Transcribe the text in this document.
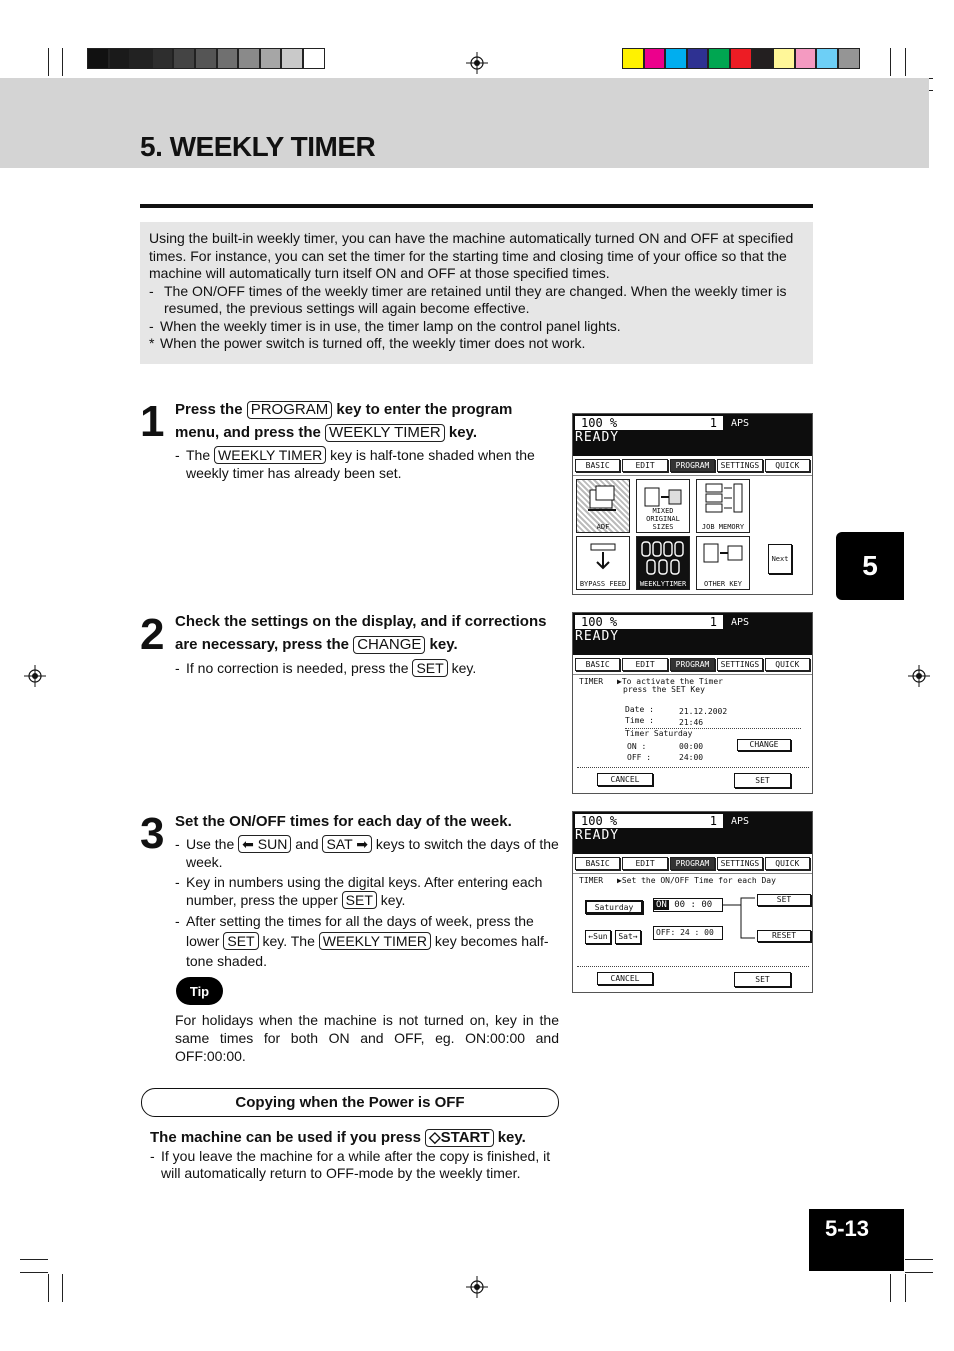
5. WEEKLY TIMER

Using the built-in weekly timer, you can have the machine automatically turned ON and OFF at specified times. For instance, you can set the timer for the starting time and closing time of your office so that the machine will automatically turn itself ON and OFF at those specified times.

- The ON/OFF times of the weekly timer are retained until they are changed. When the weekly timer is resumed, the previous settings will again become effective.
- When the weekly timer is in use, the timer lamp on the control panel lights.
* When the power switch is turned off, the weekly timer does not work.
1 Press the PROGRAM key to enter the program
menu, and press the WEEKLY TIMER key.
- The WEEKLY TIMER key is half-tone shaded when the weekly timer has already been set.
2 Check the settings on the display, and if corrections
are necessary, press the CHANGE key.
- If no correction is needed, press the SET key.
3 Set the ON/OFF times for each day of the week.
- Use the ⬅ SUN and SAT ➡ keys to switch the days of the week.
- Key in numbers using the digital keys. After entering each number, press the upper SET key.
- After setting the times for all the days of week, press the lower SET key. The WEEKLY TIMER key becomes half-tone shaded.
Tip
For holidays when the machine is not turned on, key in the same times for both ON and OFF, eg. ON:00:00 and OFF:00:00.
Copying when the Power is OFF
The machine can be used if you press ◇START key.
- If you leave the machine for a while after the copy is finished, it will automatically return to OFF-mode by the weekly timer.
5
5-13
100 %	1 APS
READY
BASIC	EDIT	PROGRAM	SETTINGS	QUICK
ADF
MIXED ORIGINAL SIZES	JOB MEMORY
BYPASS FEED	WEEKLYTIMER	OTHER KEY
Next
100 %	1 APS
READY
BASIC	EDIT	PROGRAM	SETTINGS	QUICK
TIMER ▶To activate the Timer
press the SET Key
Date :	21.12.2002
Time :	21:46
Timer Saturday
ON :	00:00
OFF :	24:00
CHANGE
CANCEL	SET
100 %	1 APS
READY
BASIC	EDIT	PROGRAM	SETTINGS	QUICK
TIMER ▶Set the ON/OFF Time for each Day
Saturday	ON 00 : 00
OFF: 24 : 00
←Sun	Sat→
SET
RESET
CANCEL	SET
